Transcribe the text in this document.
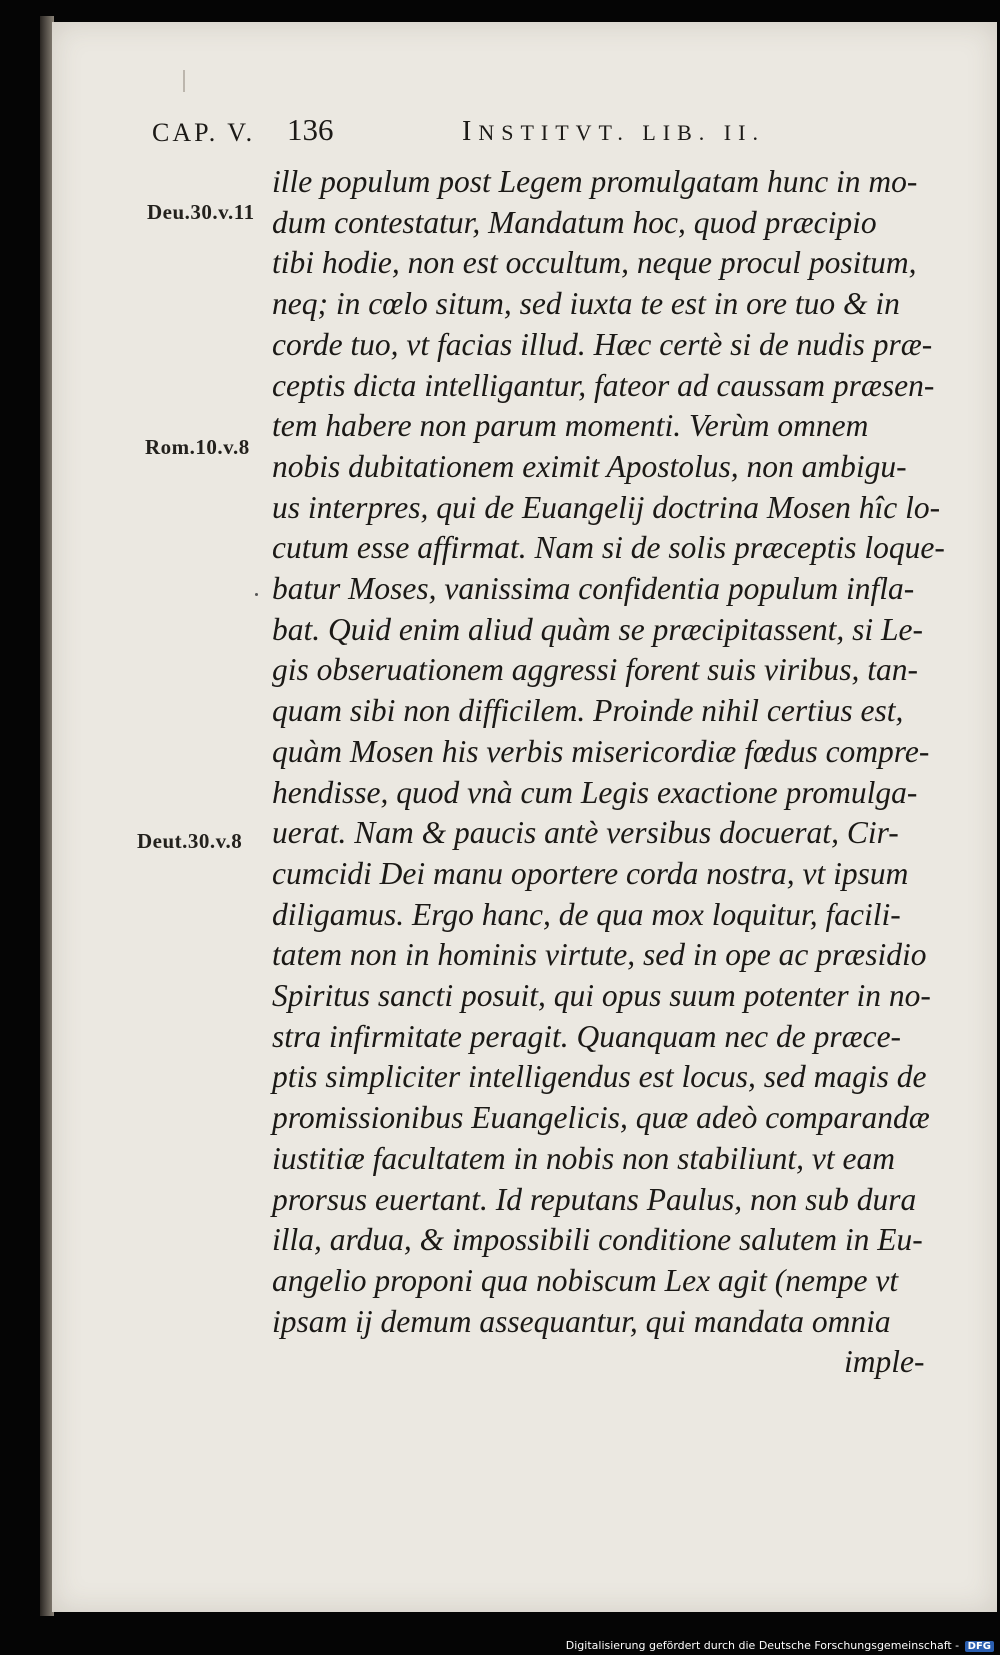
CAP. V. 136	INSTITVT. LIB. II.
Deu.30.v.11
Rom.10.v.8
Deut.30.v.8
ille populum post Legem promulgatam hunc in mo-
dum contestatur, Mandatum hoc, quod præcipio
tibi hodie, non est occultum, neque procul positum,
neq; in cœlo situm, sed iuxta te est in ore tuo & in
corde tuo, vt facias illud. Hæc certè si de nudis præ-
ceptis dicta intelligantur, fateor ad caussam præsen-
tem habere non parum momenti. Verùm omnem
nobis dubitationem eximit Apostolus, non ambigu-
us interpres, qui de Euangelij doctrina Mosen hîc lo-
cutum esse affirmat. Nam si de solis præceptis loque-
batur Moses, vanissima confidentia populum infla-
bat. Quid enim aliud quàm se præcipitassent, si Le-
gis obseruationem aggressi forent suis viribus, tan-
quam sibi non difficilem. Proinde nihil certius est,
quàm Mosen his verbis misericordiæ fœdus compre-
hendisse, quod vnà cum Legis exactione promulga-
uerat. Nam & paucis antè versibus docuerat, Cir-
cumcidi Dei manu oportere corda nostra, vt ipsum
diligamus. Ergo hanc, de qua mox loquitur, facili-
tatem non in hominis virtute, sed in ope ac præsidio
Spiritus sancti posuit, qui opus suum potenter in no-
stra infirmitate peragit. Quanquam nec de præce-
ptis simpliciter intelligendus est locus, sed magis de
promissionibus Euangelicis, quæ adeò comparandæ
iustitiæ facultatem in nobis non stabiliunt, vt eam
prorsus euertant. Id reputans Paulus, non sub dura
illa, ardua, & impossibili conditione salutem in Eu-
angelio proponi qua nobiscum Lex agit (nempe vt
ipsam ij demum assequantur, qui mandata omnia
imple-
Digitalisierung gefördert durch die Deutsche Forschungsgemeinschaft - DFG
